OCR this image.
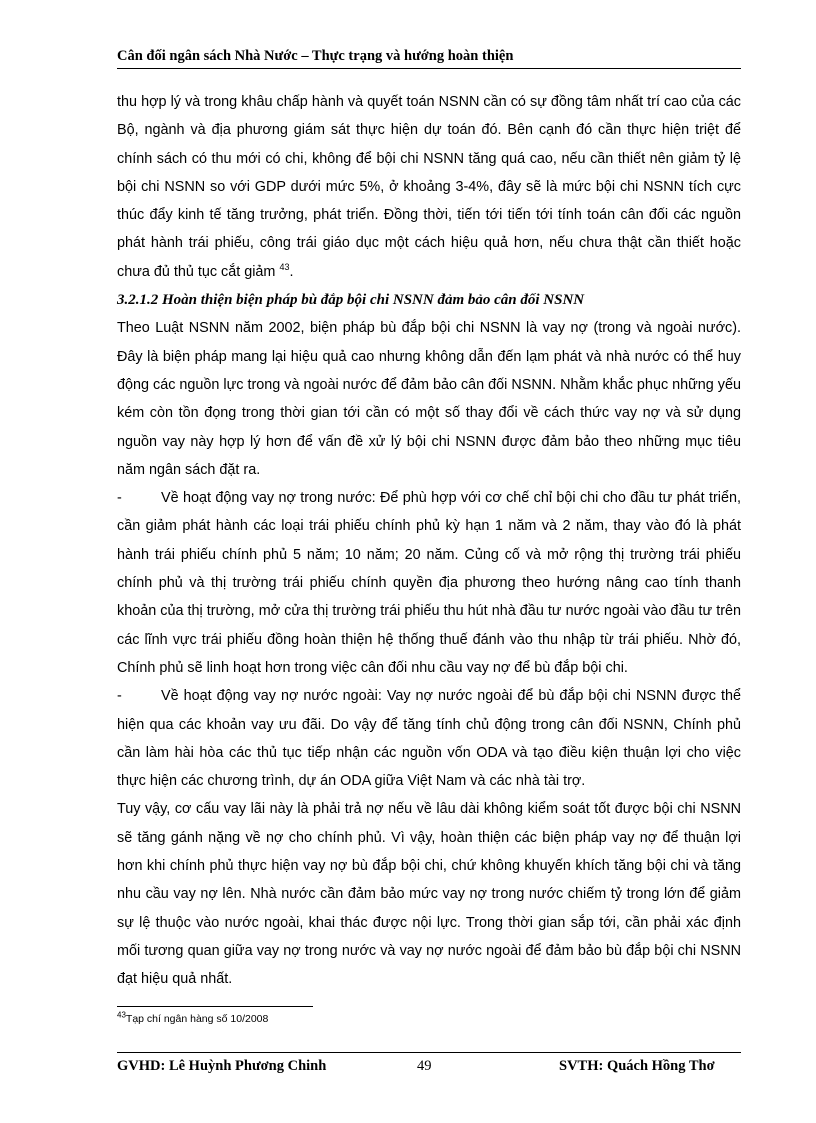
Cân đối ngân sách Nhà Nước – Thực trạng và hướng hoàn thiện

thu hợp lý và trong khâu chấp hành và quyết toán NSNN cần có sự đồng tâm nhất trí cao của các Bộ, ngành và địa phương giám sát thực hiện dự toán đó. Bên cạnh đó cần thực hiện triệt để chính sách có thu mới có chi, không để bội chi NSNN tăng quá cao, nếu cần thiết nên giảm tỷ lệ bội chi NSNN so với GDP dưới mức 5%, ở khoảng 3-4%, đây sẽ là mức bội chi NSNN tích cực thúc đẩy kinh tế tăng trưởng, phát triển. Đồng thời, tiến tới tiến tới tính toán cân đối các nguồn phát hành trái phiếu, công trái giáo dục một cách hiệu quả hơn, nếu chưa thật cần thiết hoặc chưa đủ thủ tục cắt giảm $^{43}$.

3.2.1.2 Hoàn thiện biện pháp bù đắp bội chi NSNN đảm bảo cân đối NSNN

Theo Luật NSNN năm 2002, biện pháp bù đắp bội chi NSNN là vay nợ (trong và ngoài nước). Đây là biện pháp mang lại hiệu quả cao nhưng không dẫn đến lạm phát và nhà nước có thể huy động các nguồn lực trong và ngoài nước để đảm bảo cân đối NSNN. Nhằm khắc phục những yếu kém còn tồn đọng trong thời gian tới cần có một số thay đổi về cách thức vay nợ và sử dụng nguồn vay này hợp lý hơn để vấn đề xử lý bội chi NSNN được đảm bảo theo những mục tiêu năm ngân sách đặt ra.

-	Về hoạt động vay nợ trong nước: Để phù hợp với cơ chế chỉ bội chi cho đầu tư phát triển, cần giảm phát hành các loại trái phiếu chính phủ kỳ hạn 1 năm và 2 năm, thay vào đó là phát hành trái phiếu chính phủ 5 năm; 10 năm; 20 năm. Củng cố và mở rộng thị trường trái phiếu chính phủ và thị trường trái phiếu chính quyền địa phương theo hướng nâng cao tính thanh khoản của thị trường, mở cửa thị trường trái phiếu thu hút nhà đầu tư nước ngoài vào đầu tư trên các lĩnh vực trái phiếu đồng hoàn thiện hệ thống thuế đánh vào thu nhập từ trái phiếu. Nhờ đó, Chính phủ sẽ linh hoạt hơn trong việc cân đối nhu cầu vay nợ để bù đắp bội chi.

-	Về hoạt động vay nợ nước ngoài: Vay nợ nước ngoài để bù đắp bội chi NSNN được thể hiện qua các khoản vay ưu đãi. Do vậy để tăng tính chủ động trong cân đối NSNN, Chính phủ cần làm hài hòa các thủ tục tiếp nhận các nguồn vốn ODA và tạo điều kiện thuận lợi cho việc thực hiện các chương trình, dự án ODA giữa Việt Nam và các nhà tài trợ.

Tuy vậy, cơ cấu vay lãi này là phải trả nợ nếu về lâu dài không kiểm soát tốt được bội chi NSNN sẽ tăng gánh nặng về nợ cho chính phủ. Vì vậy, hoàn thiện các biện pháp vay nợ để thuận lợi hơn khi chính phủ thực hiện vay nợ bù đắp bội chi, chứ không khuyến khích tăng bội chi và tăng nhu cầu vay nợ lên. Nhà nước cần đảm bảo mức vay nợ trong nước chiếm tỷ trong lớn để giảm sự lệ thuộc vào nước ngoài, khai thác được nội lực. Trong thời gian sắp tới, cần phải xác định mối tương quan giữa vay nợ trong nước và vay nợ nước ngoài để đảm bảo bù đắp bội chi NSNN đạt hiệu quả nhất.

$^{43}$Tạp chí ngân hàng số 10/2008
GVHD: Lê Huỳnh Phương Chinh	49	SVTH: Quách Hồng Thơ
